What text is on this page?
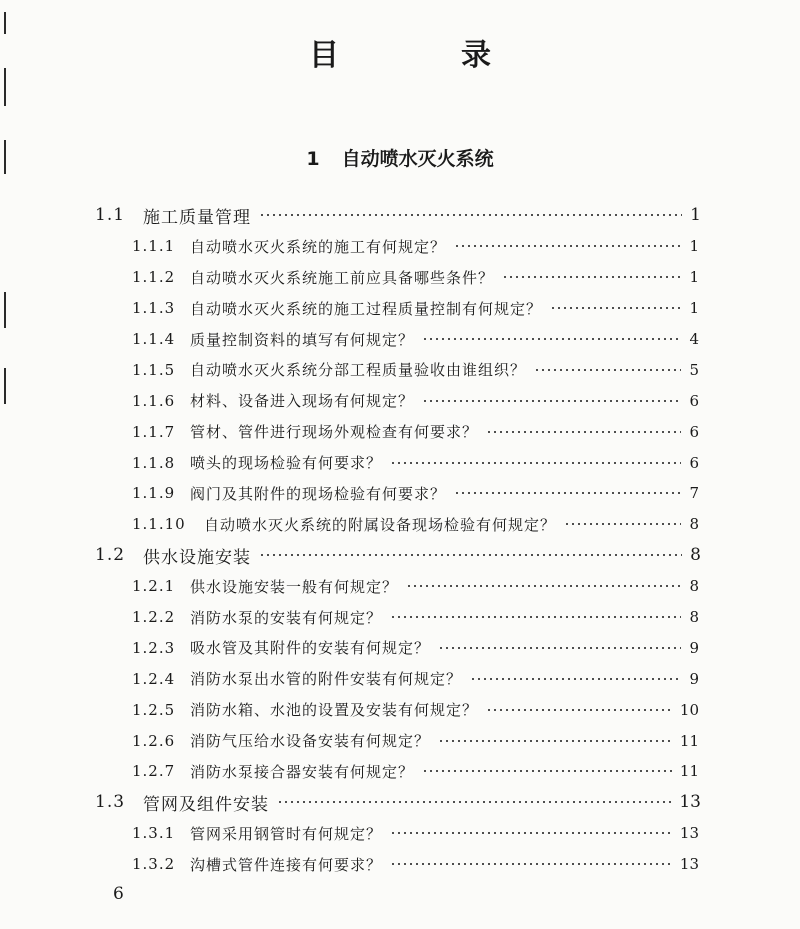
目　录
1 自动喷水灭火系统
1.1	施工质量管理	1
1.1.1 自动喷水灭火系统的施工有何规定？	1
1.1.2 自动喷水灭火系统施工前应具备哪些条件？	1
1.1.3 自动喷水灭火系统的施工过程质量控制有何规定？	1
1.1.4 质量控制资料的填写有何规定？	4
1.1.5 自动喷水灭火系统分部工程质量验收由谁组织？	5
1.1.6 材料、设备进入现场有何规定？	6
1.1.7 管材、管件进行现场外观检查有何要求？	6
1.1.8 喷头的现场检验有何要求？	6
1.1.9 阀门及其附件的现场检验有何要求？	7
1.1.10	自动喷水灭火系统的附属设备现场检验有何规定？	8
1.2	供水设施安装	8
1.2.1 供水设施安装一般有何规定？	8
1.2.2 消防水泵的安装有何规定？	8
1.2.3 吸水管及其附件的安装有何规定？	9
1.2.4 消防水泵出水管的附件安装有何规定？	9
1.2.5 消防水箱、水池的设置及安装有何规定？	10
1.2.6 消防气压给水设备安装有何规定？	11
1.2.7 消防水泵接合器安装有何规定？	11
1.3	管网及组件安装	13
1.3.1 管网采用钢管时有何规定？	13
1.3.2 沟槽式管件连接有何要求？	13
6
